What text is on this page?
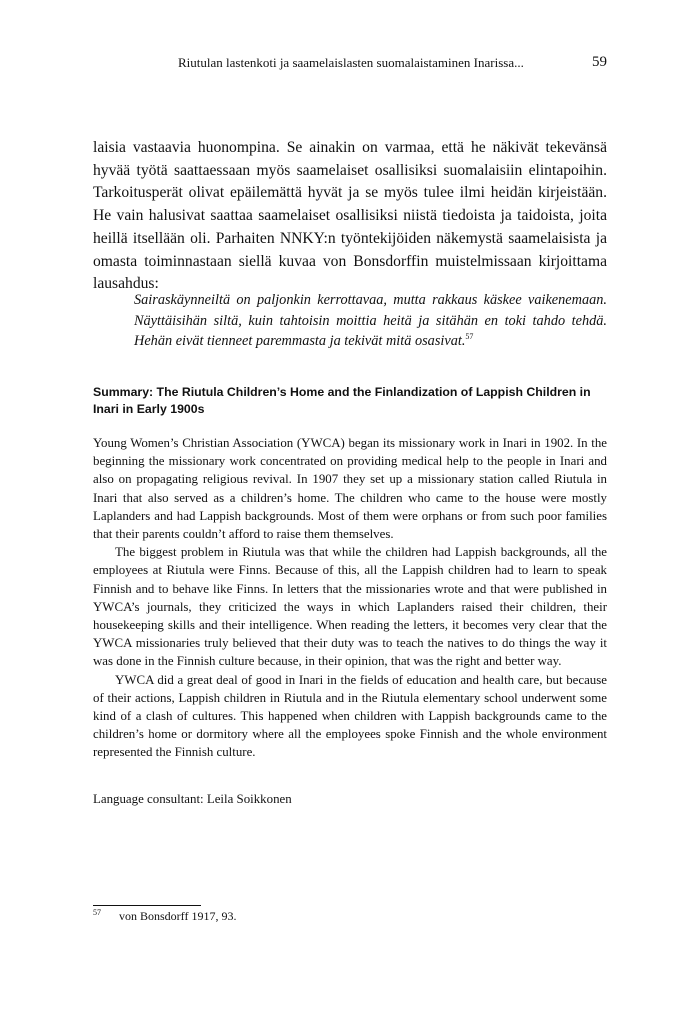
Riutulan lastenkoti ja saamelaislasten suomalaistaminen Inarissa...	59

laisia vastaavia huonompina. Se ainakin on varmaa, että he näkivät tekevänsä hyvää työtä saattaessaan myös saamelaiset osallisiksi suomalaisiin elintapoihin. Tarkoitusperät olivat epäilemättä hyvät ja se myös tulee ilmi heidän kirjeistään. He vain halusivat saattaa saamelaiset osallisiksi niistä tiedoista ja taidoista, joita heillä itsellään oli. Parhaiten NNKY:n työntekijöiden näkemystä saamelaisista ja omasta toiminnastaan siellä kuvaa von Bonsdorffin muistelmissaan kirjoittama lausahdus:

Sairaskäynneiltä on paljonkin kerrottavaa, mutta rakkaus käskee vaikenemaan. Näyttäisihän siltä, kuin tahtoisin moittia heitä ja sitähän en toki tahdo tehdä. Hehän eivät tienneet paremmasta ja tekivät mitä osasivat.$^{57}$

Summary: The Riutula Children’s Home and the Finlandization of Lappish Children in Inari in Early 1900s

Young Women’s Christian Association (YWCA) began its missionary work in Inari in 1902. In the beginning the missionary work concentrated on providing medical help to the people in Inari and also on propagating religious revival. In 1907 they set up a missionary station called Riutula in Inari that also served as a children’s home. The children who came to the house were mostly Laplanders and had Lappish backgrounds. Most of them were orphans or from such poor families that their parents couldn’t afford to raise them themselves.

The biggest problem in Riutula was that while the children had Lappish backgrounds, all the employees at Riutula were Finns. Because of this, all the Lappish children had to learn to speak Finnish and to behave like Finns. In letters that the missionaries wrote and that were published in YWCA’s journals, they criticized the ways in which Laplanders raised their children, their housekeeping skills and their intelligence. When reading the letters, it becomes very clear that the YWCA missionaries truly believed that their duty was to teach the natives to do things the way it was done in the Finnish culture because, in their opinion, that was the right and better way.

YWCA did a great deal of good in Inari in the fields of education and health care, but because of their actions, Lappish children in Riutula and in the Riutula elementary school underwent some kind of a clash of cultures. This happened when children with Lappish backgrounds came to the children’s home or dormitory where all the employees spoke Finnish and the whole environment represented the Finnish culture.

Language consultant: Leila Soikkonen

57 von Bonsdorff 1917, 93.
